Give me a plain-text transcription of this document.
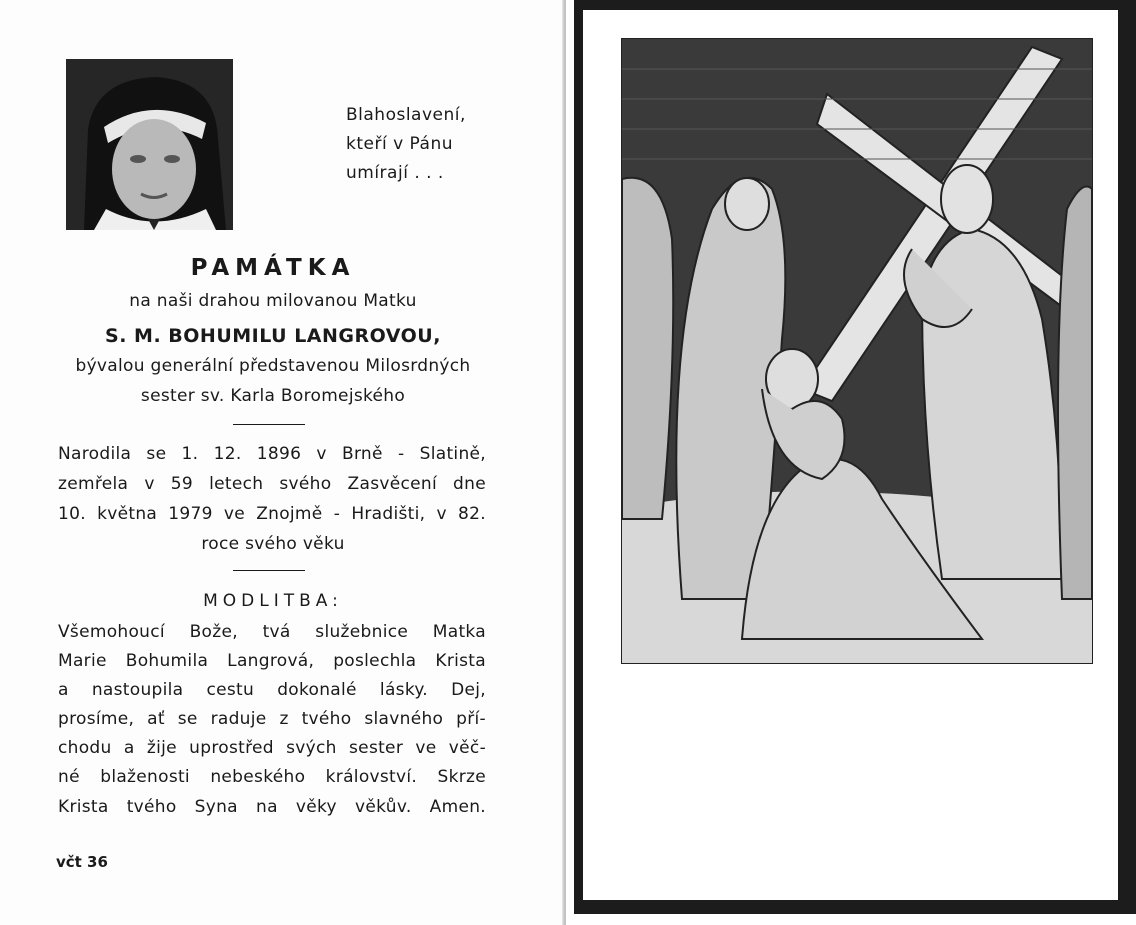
Blahoslavení,
kteří v Pánu
umírají . . .
PAMÁTKA
na naši drahou milovanou Matku
S. M. BOHUMILU LANGROVOU,
bývalou generální představenou Milosrdných
sester sv. Karla Boromejského
Narodila se 1. 12. 1896 v Brně - Slatině,
zemřela v 59 letech svého Zasvěcení dne
10. května 1979 ve Znojmě - Hradišti, v 82.
roce svého věku
MODLITBA:
Všemohoucí Bože, tvá služebnice Matka
Marie Bohumila Langrová, poslechla Krista
a nastoupila cestu dokonalé lásky. Dej,
prosíme, ať se raduje z tvého slavného pří-
chodu a žije uprostřed svých sester ve věč-
né blaženosti nebeského království. Skrze
Krista tvého Syna na věky věkův. Amen.
včt 36
